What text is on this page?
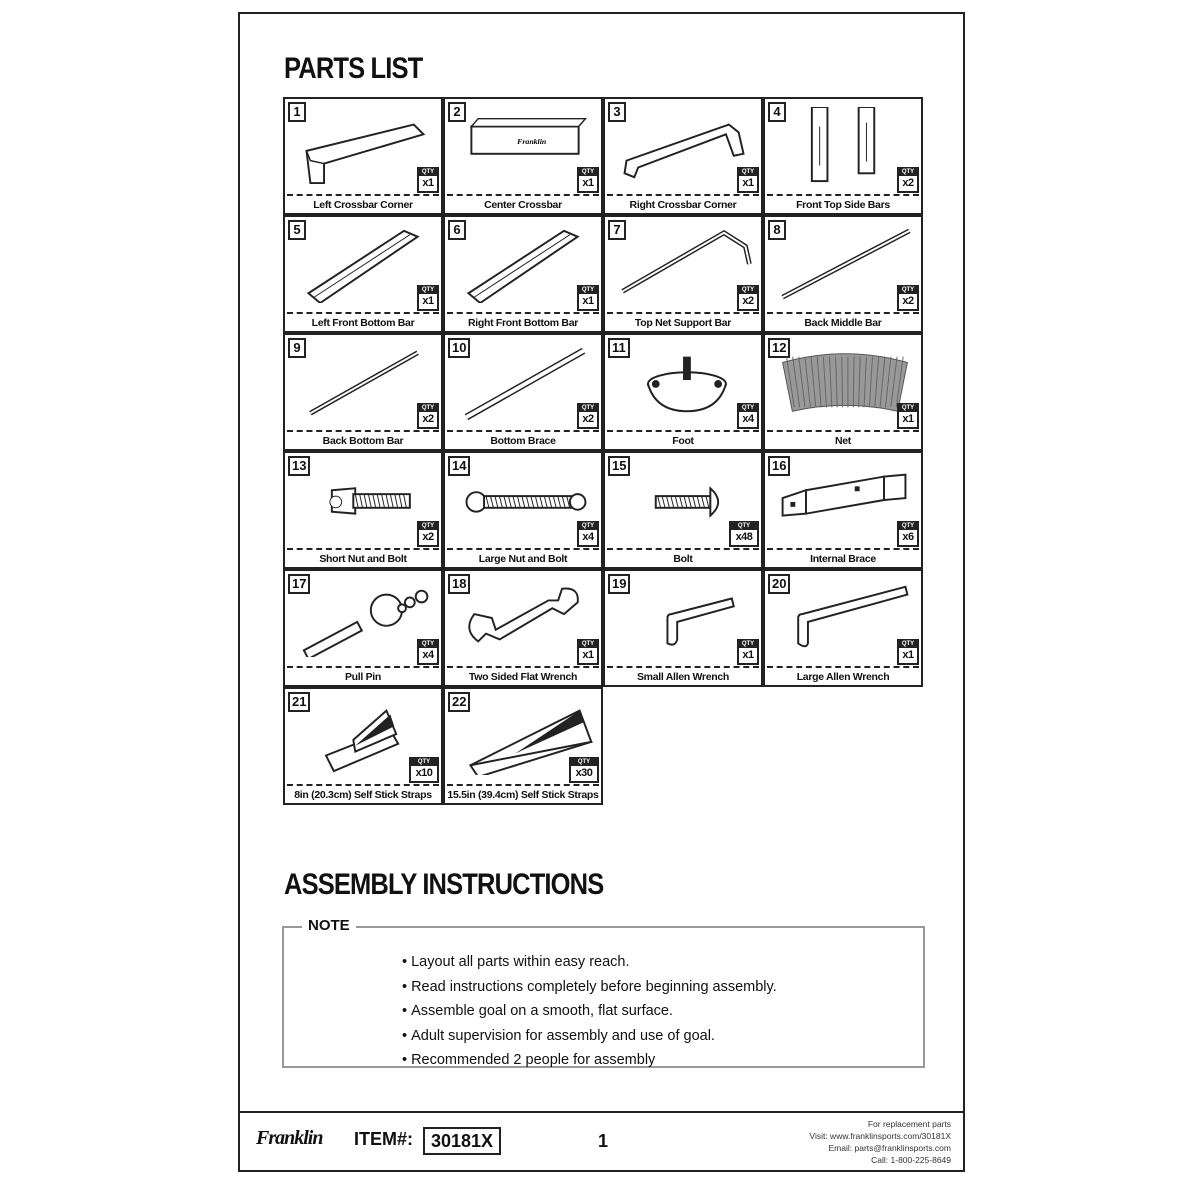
PARTS LIST
1
QTY
x1
Left Crossbar Corner
2
Franklin
QTY
x1
Center Crossbar
3
QTY
x1
Right Crossbar Corner
4
QTY
x2
Front Top Side Bars
5
QTY
x1
Left Front Bottom Bar
6
QTY
x1
Right Front Bottom Bar
7
QTY
x2
Top Net Support Bar
8
QTY
x2
Back Middle Bar
9
QTY
x2
Back Bottom Bar
10
QTY
x2
Bottom Brace
11
QTY
x4
Foot
12
QTY
x1
Net
13
QTY
x2
Short Nut and Bolt
14
QTY
x4
Large Nut and Bolt
15
QTY
x48
Bolt
16
QTY
x6
Internal Brace
17
QTY
x4
Pull Pin
18
QTY
x1
Two Sided Flat Wrench
19
QTY
x1
Small Allen Wrench
20
QTY
x1
Large Allen Wrench
21
QTY
x10
8in (20.3cm) Self Stick Straps
22
QTY
x30
15.5in (39.4cm) Self Stick Straps
ASSEMBLY INSTRUCTIONS
NOTE
• Layout all parts within easy reach.
• Read instructions completely before beginning assembly.
• Assemble goal on a smooth, flat surface.
• Adult supervision for assembly and use of goal.
• Recommended 2 people for assembly
Franklin ITEM#: 30181X	1
For replacement parts
Visit: www.franklinsports.com/30181X
Email: parts@franklinsports.com
Call: 1-800-225-8649
